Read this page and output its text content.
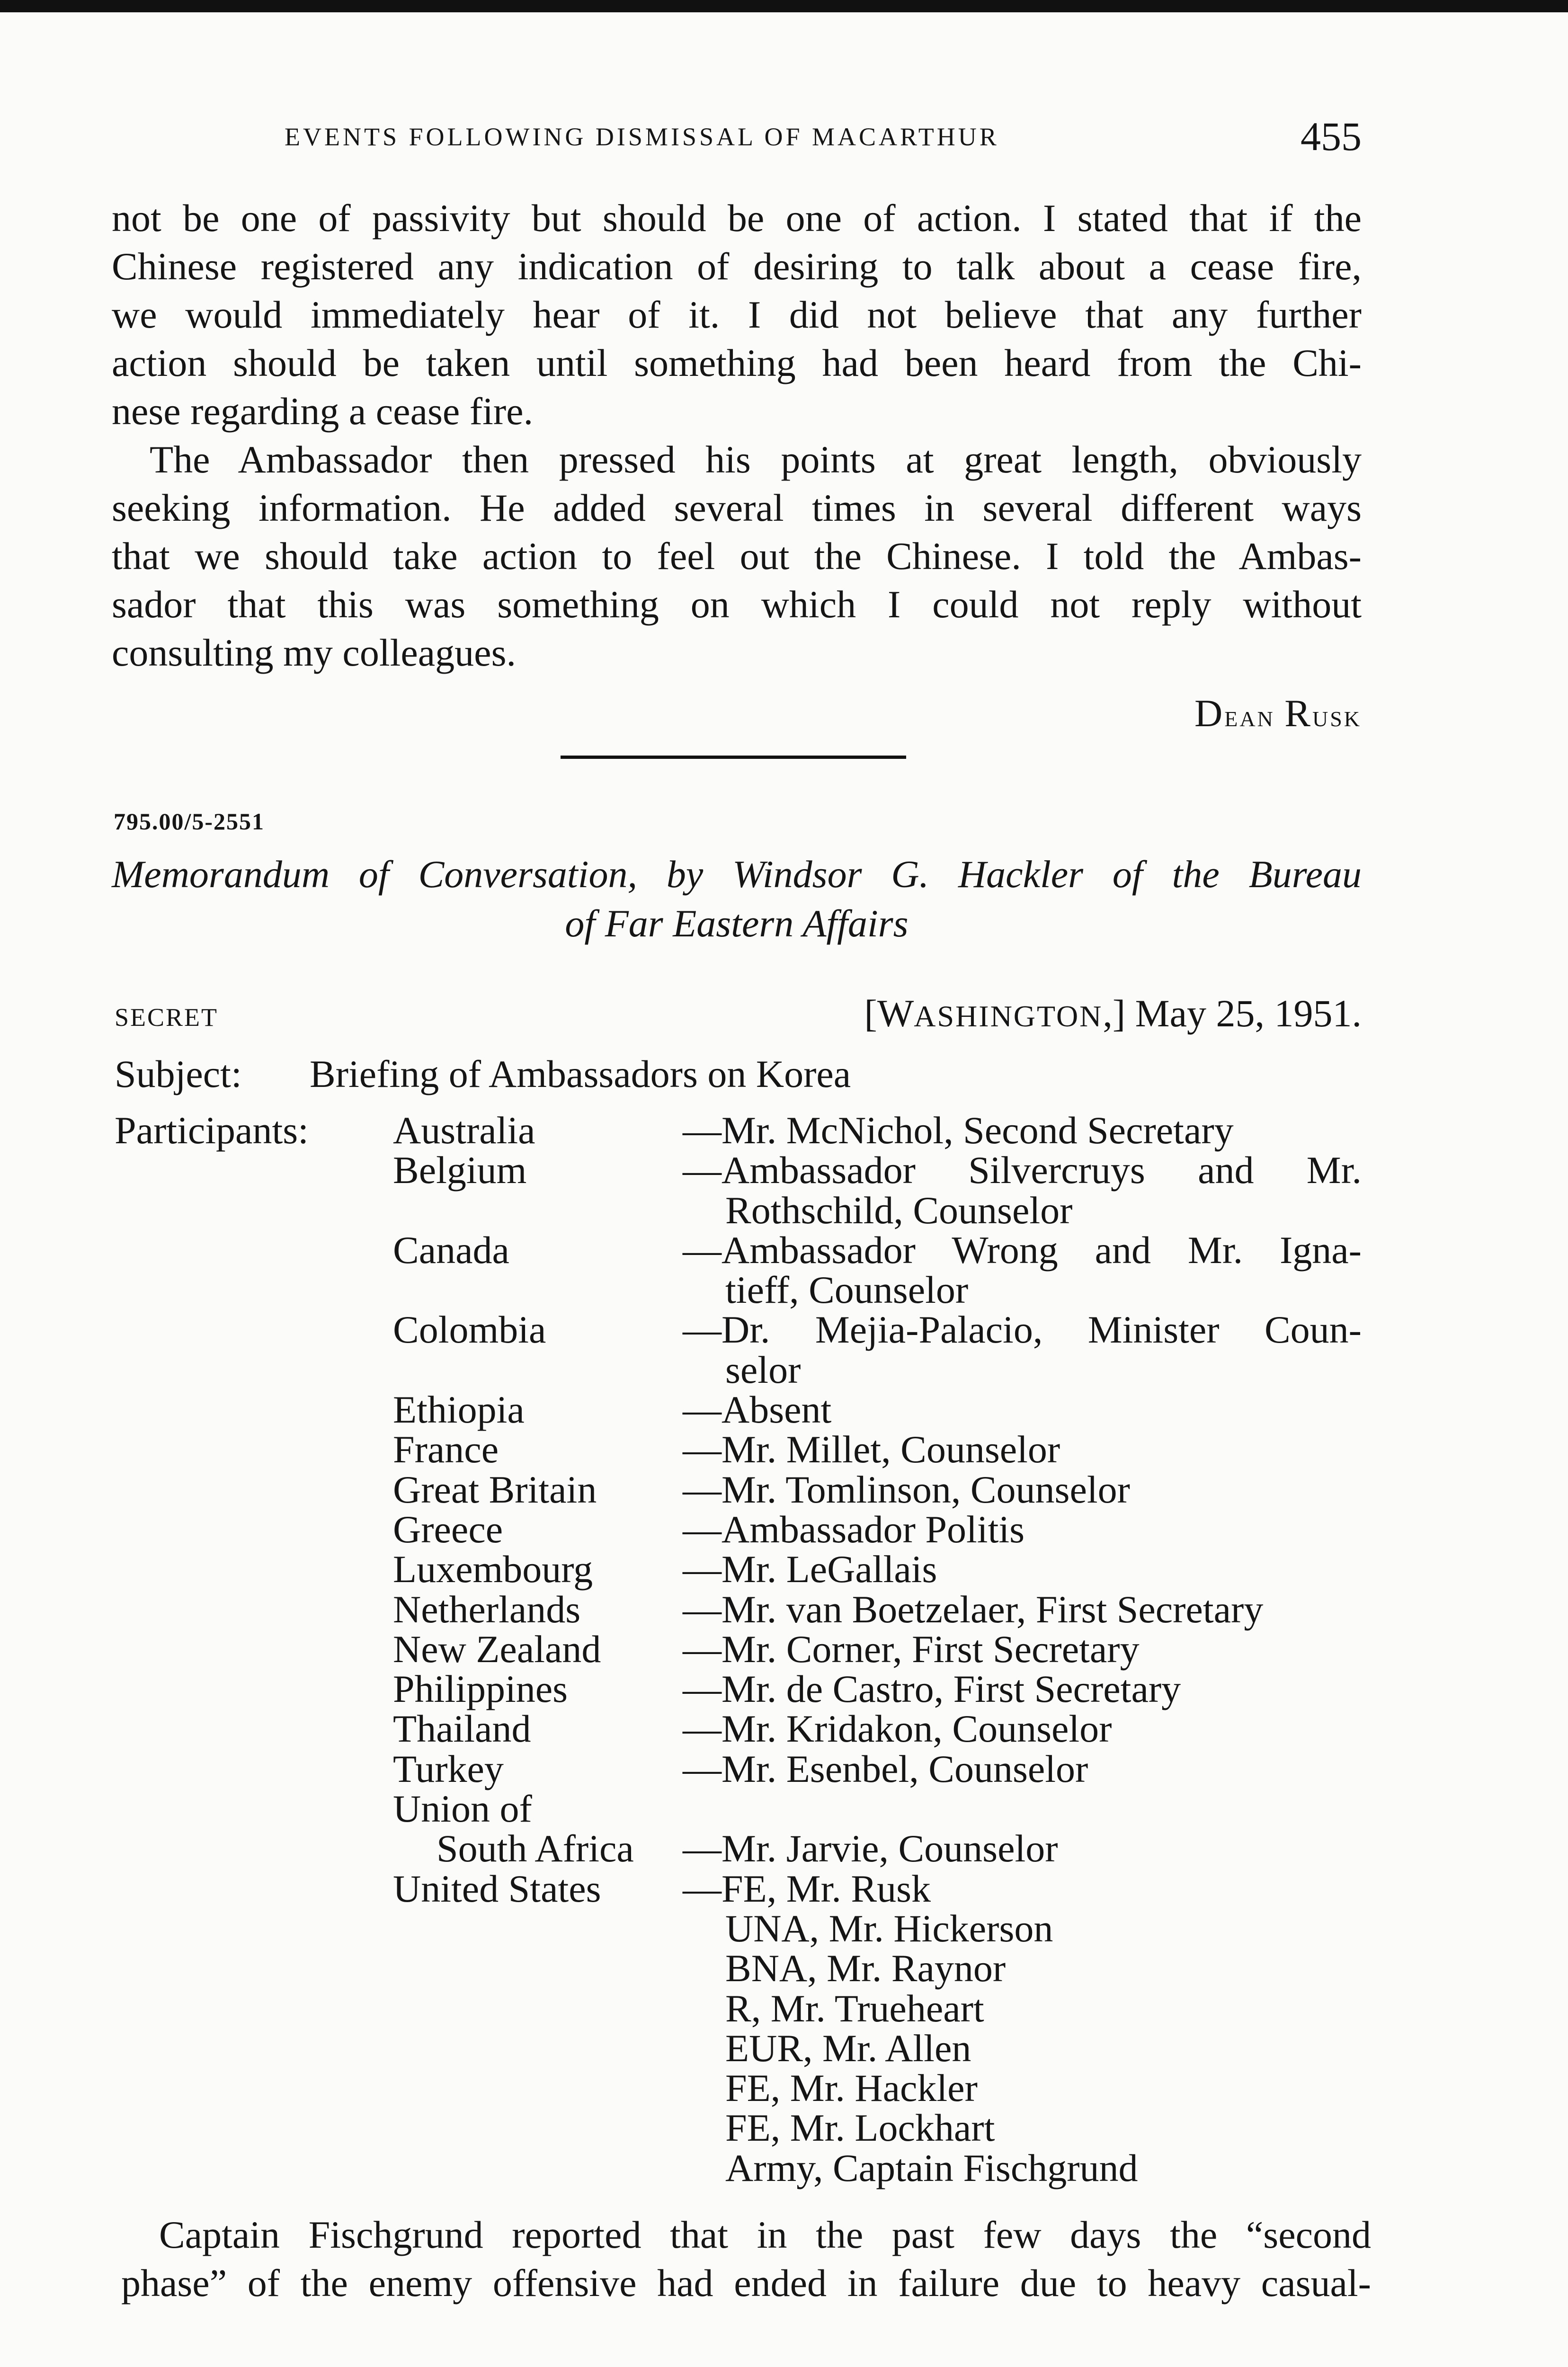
EVENTS FOLLOWING DISMISSAL OF MACARTHUR	455
not be one of passivity but should be one of action. I stated that if the
Chinese registered any indication of desiring to talk about a cease fire,
we would immediately hear of it. I did not believe that any further
action should be taken until something had been heard from the Chi-
nese regarding a cease fire.
The Ambassador then pressed his points at great length, obviously
seeking information. He added several times in several different ways
that we should take action to feel out the Chinese. I told the Ambas-
sador that this was something on which I could not reply without
consulting my colleagues.
Dean Rusk
795.00/5-2551
Memorandum of Conversation, by Windsor G. Hackler of the Bureau
of Far Eastern Affairs
SECRET	[WASHINGTON,] May 25, 1951.
Subject: Briefing of Ambassadors on Korea
Participants: Australia	—Mr. McNichol, Second Secretary
Belgium	—Ambassador Silvercruys and Mr.
Rothschild, Counselor
Canada	—Ambassador Wrong and Mr. Igna-
tieff, Counselor
Colombia	—Dr. Mejia-Palacio, Minister Coun-
selor
Ethiopia	—Absent
France	—Mr. Millet, Counselor
Great Britain	—Mr. Tomlinson, Counselor
Greece	—Ambassador Politis
Luxembourg	—Mr. LeGallais
Netherlands	—Mr. van Boetzelaer, First Secretary
New Zealand	—Mr. Corner, First Secretary
Philippines	—Mr. de Castro, First Secretary
Thailand	—Mr. Kridakon, Counselor
Turkey	—Mr. Esenbel, Counselor
Union of
South Africa	—Mr. Jarvie, Counselor
United States	—FE, Mr. Rusk
UNA, Mr. Hickerson
BNA, Mr. Raynor
R, Mr. Trueheart
EUR, Mr. Allen
FE, Mr. Hackler
FE, Mr. Lockhart
Army, Captain Fischgrund
Captain Fischgrund reported that in the past few days the “second
phase” of the enemy offensive had ended in failure due to heavy casual-
